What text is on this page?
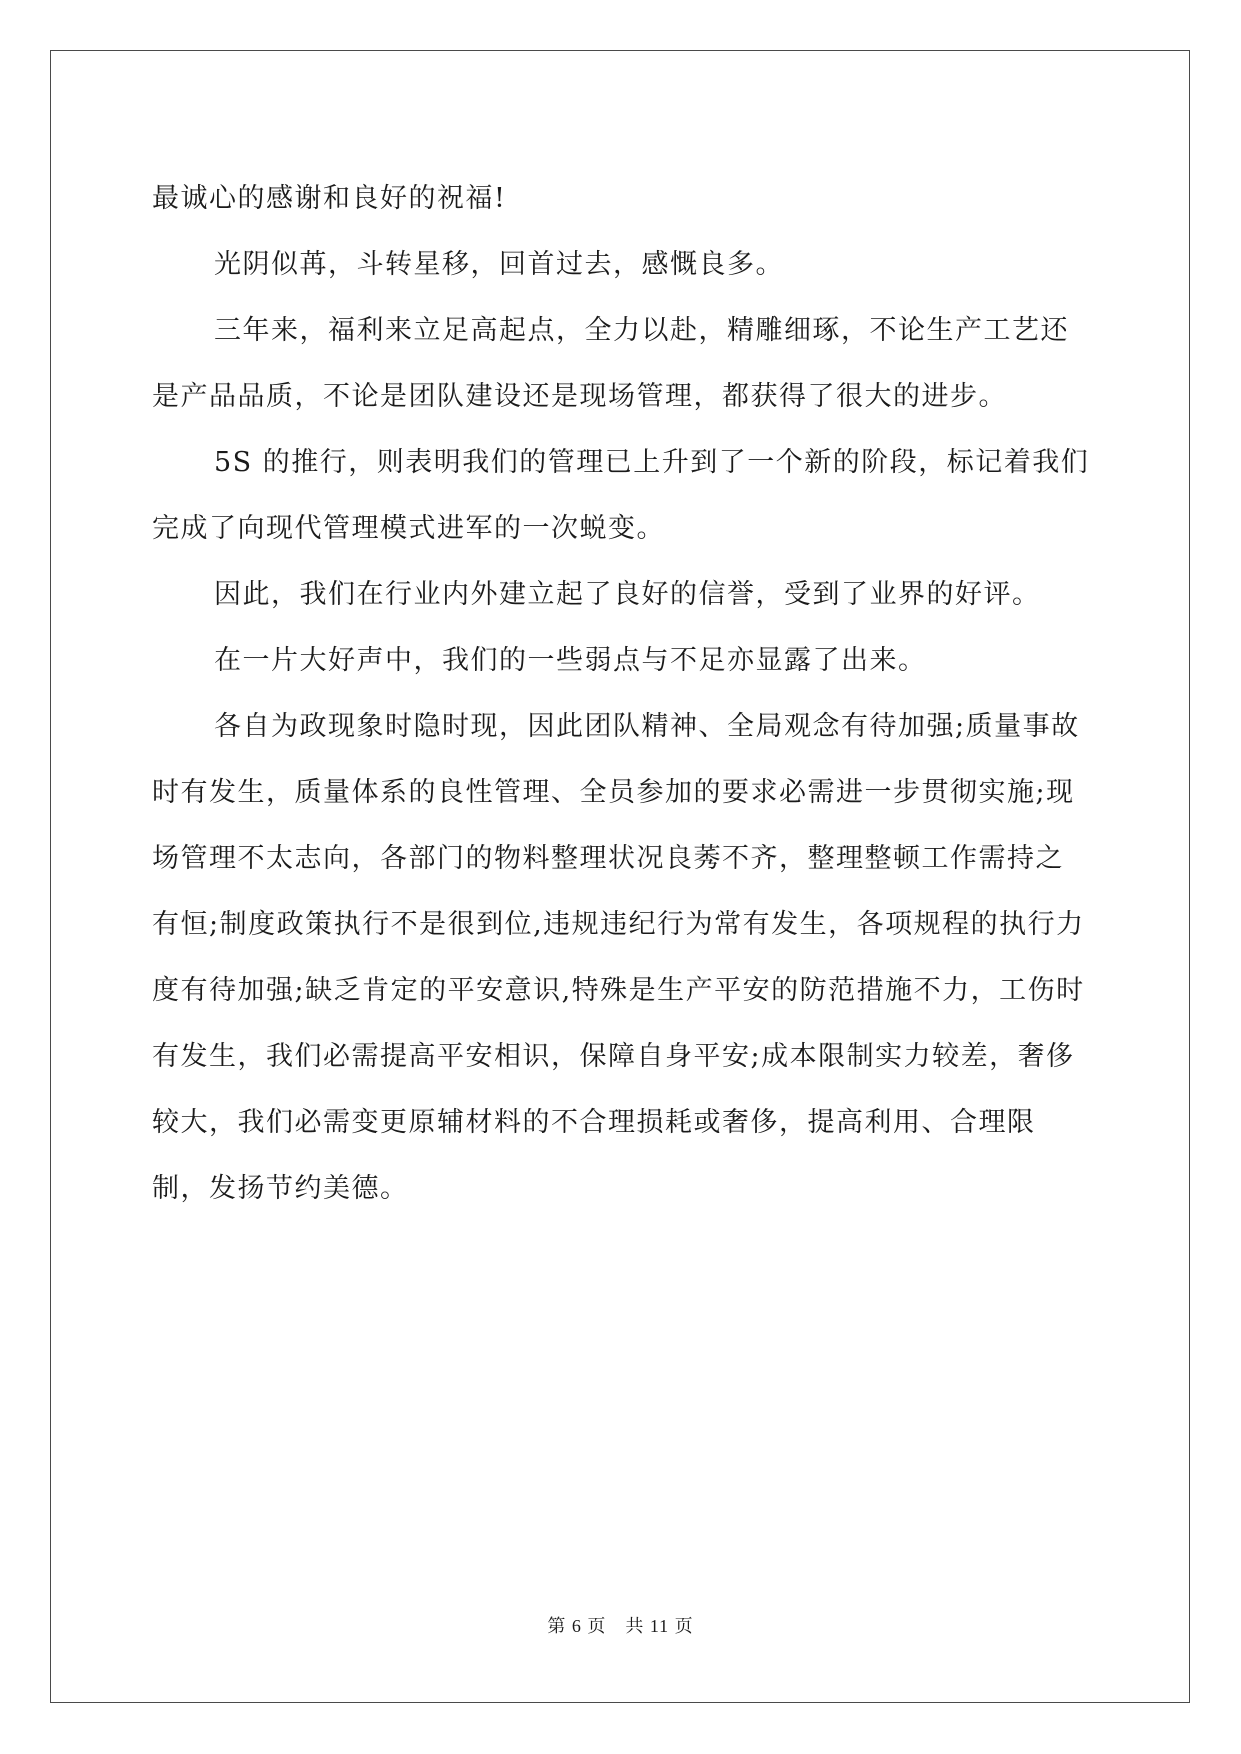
最诚心的感谢和良好的祝福!

光阴似苒，斗转星移，回首过去，感慨良多。

三年来，福利来立足高起点，全力以赴，精雕细琢，不论生产工艺还是产品品质，不论是团队建设还是现场管理，都获得了很大的进步。

5S 的推行，则表明我们的管理已上升到了一个新的阶段，标记着我们完成了向现代管理模式进军的一次蜕变。

因此，我们在行业内外建立起了良好的信誉，受到了业界的好评。

在一片大好声中，我们的一些弱点与不足亦显露了出来。

各自为政现象时隐时现，因此团队精神、全局观念有待加强;质量事故时有发生，质量体系的良性管理、全员参加的要求必需进一步贯彻实施;现场管理不太志向，各部门的物料整理状况良莠不齐，整理整顿工作需持之有恒;制度政策执行不是很到位,违规违纪行为常有发生，各项规程的执行力度有待加强;缺乏肯定的平安意识,特殊是生产平安的防范措施不力，工伤时有发生，我们必需提高平安相识，保障自身平安;成本限制实力较差，奢侈较大，我们必需变更原辅材料的不合理损耗或奢侈，提高利用、合理限制，发扬节约美德。

第 6 页　共 11 页
